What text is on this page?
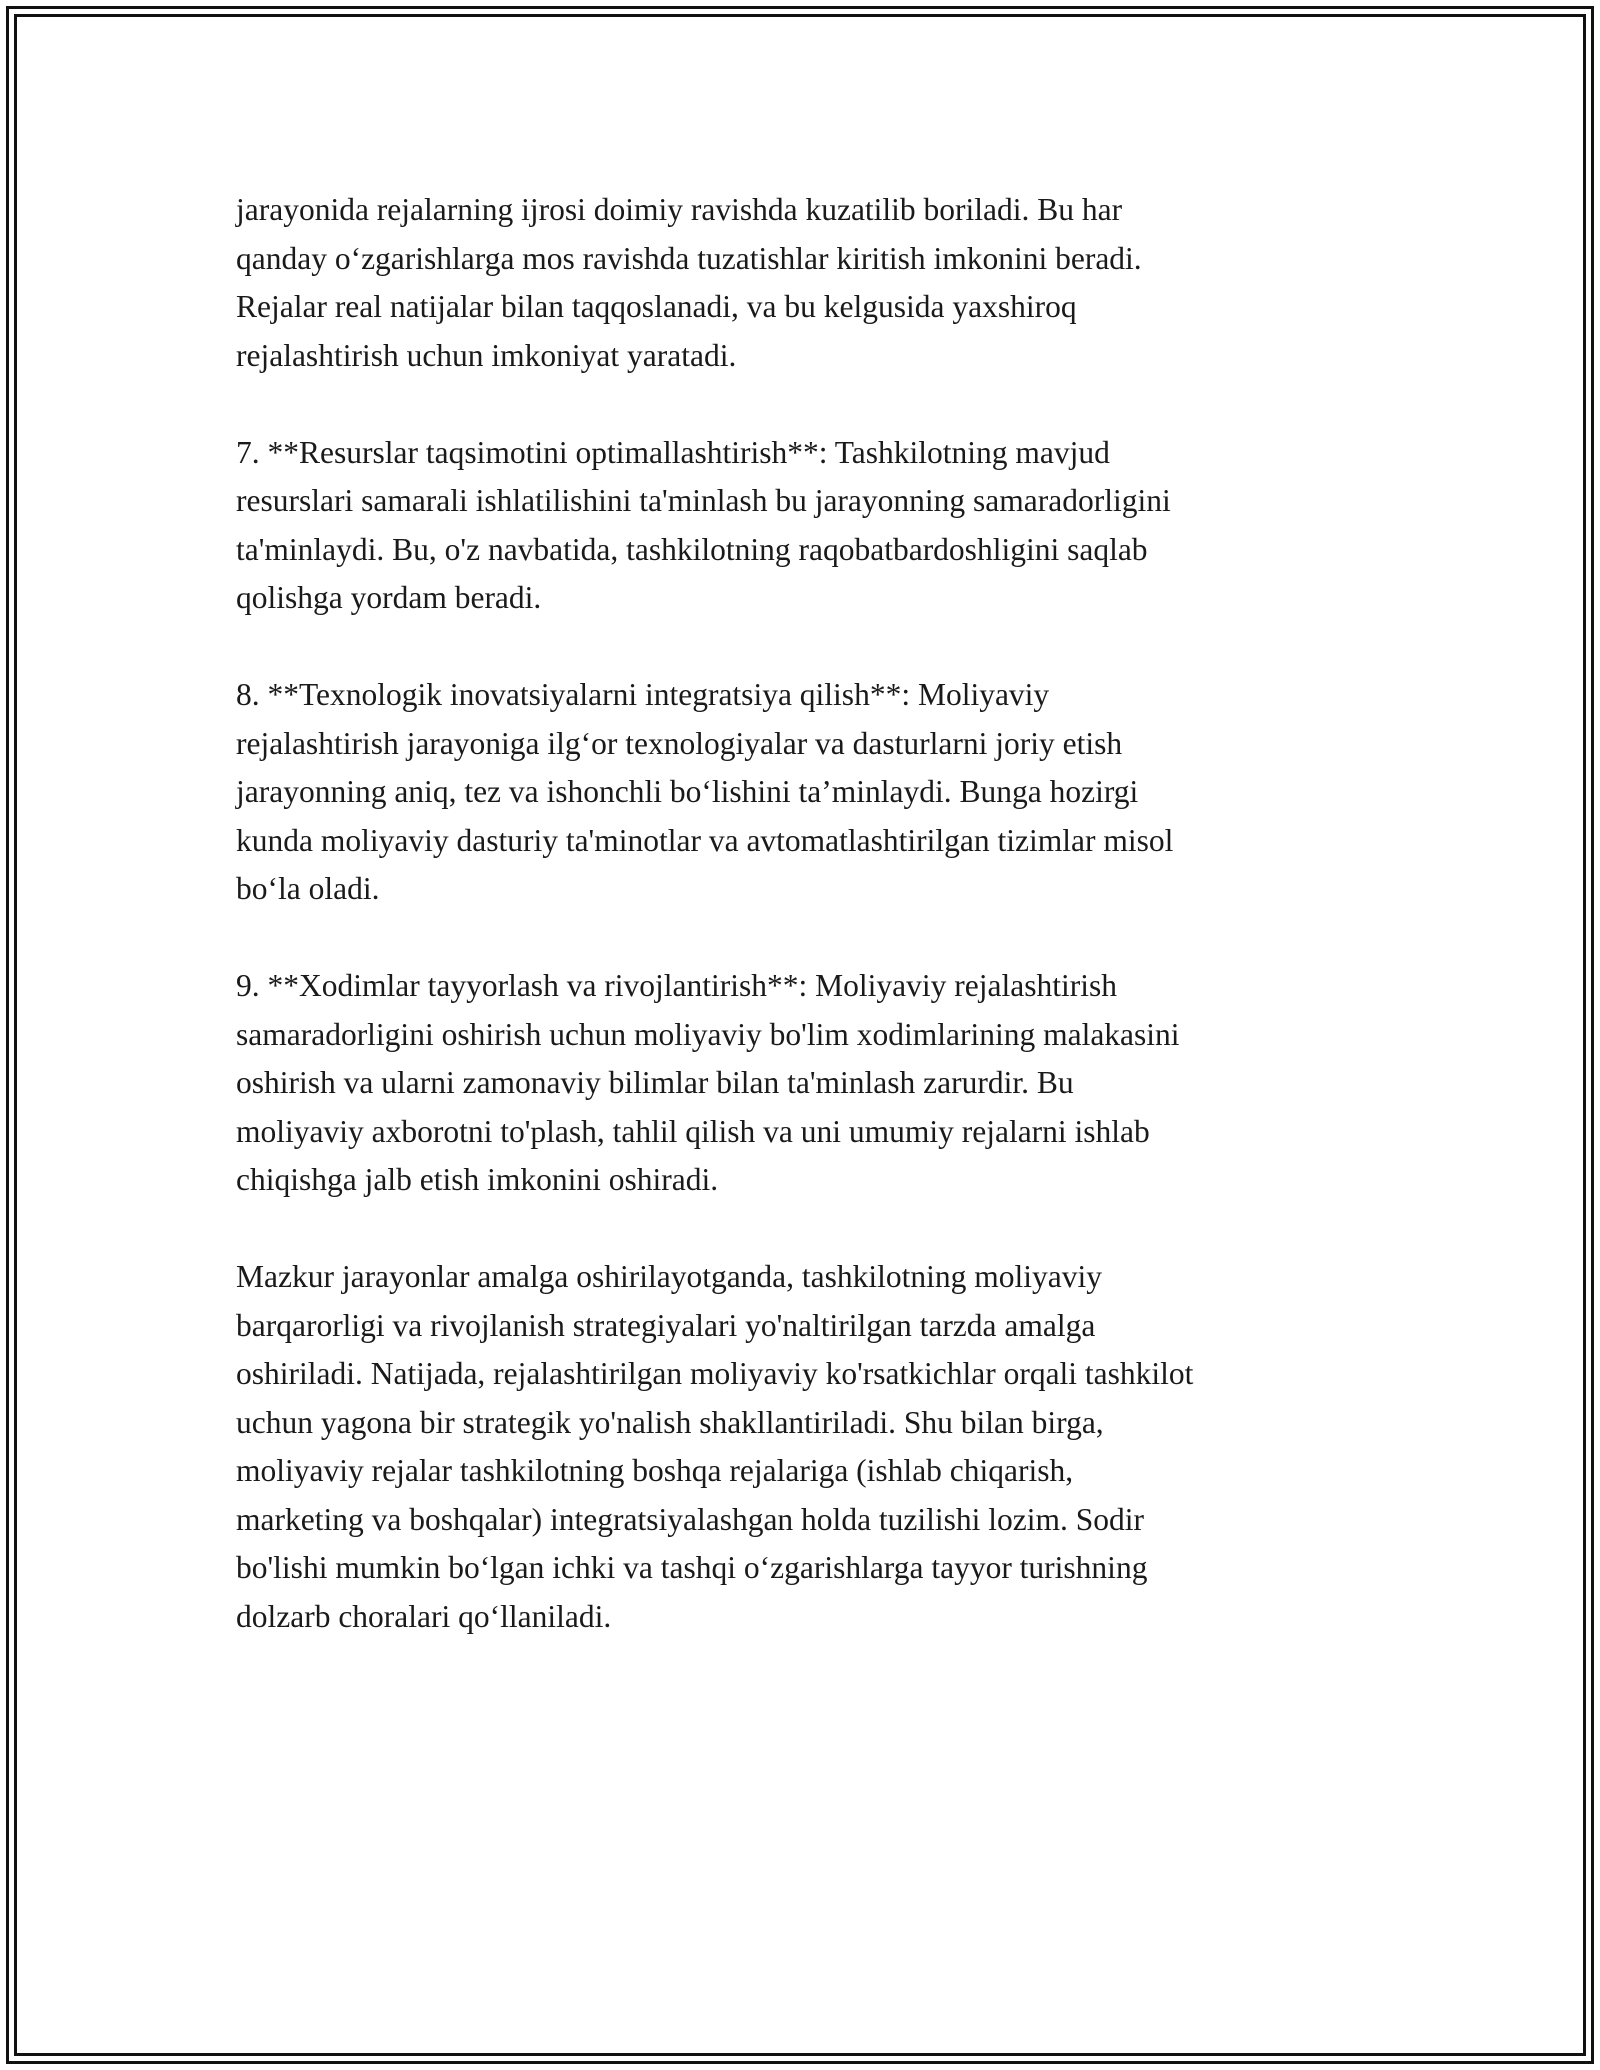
jarayonida rejalarning ijrosi doimiy ravishda kuzatilib boriladi. Bu har
qanday o‘zgarishlarga mos ravishda tuzatishlar kiritish imkonini beradi.
Rejalar real natijalar bilan taqqoslanadi, va bu kelgusida yaxshiroq
rejalashtirish uchun imkoniyat yaratadi.

7. **Resurslar taqsimotini optimallashtirish**: Tashkilotning mavjud
resurslari samarali ishlatilishini ta'minlash bu jarayonning samaradorligini
ta'minlaydi. Bu, o'z navbatida, tashkilotning raqobatbardoshligini saqlab
qolishga yordam beradi.

8. **Texnologik inovatsiyalarni integratsiya qilish**: Moliyaviy
rejalashtirish jarayoniga ilg‘or texnologiyalar va dasturlarni joriy etish
jarayonning aniq, tez va ishonchli bo‘lishini ta’minlaydi. Bunga hozirgi
kunda moliyaviy dasturiy ta'minotlar va avtomatlashtirilgan tizimlar misol
bo‘la oladi.

9. **Xodimlar tayyorlash va rivojlantirish**: Moliyaviy rejalashtirish
samaradorligini oshirish uchun moliyaviy bo'lim xodimlarining malakasini
oshirish va ularni zamonaviy bilimlar bilan ta'minlash zarurdir. Bu
moliyaviy axborotni to'plash, tahlil qilish va uni umumiy rejalarni ishlab
chiqishga jalb etish imkonini oshiradi.

Mazkur jarayonlar amalga oshirilayotganda, tashkilotning moliyaviy
barqarorligi va rivojlanish strategiyalari yo'naltirilgan tarzda amalga
oshiriladi. Natijada, rejalashtirilgan moliyaviy ko'rsatkichlar orqali tashkilot
uchun yagona bir strategik yo'nalish shakllantiriladi. Shu bilan birga,
moliyaviy rejalar tashkilotning boshqa rejalariga (ishlab chiqarish,
marketing va boshqalar) integratsiyalashgan holda tuzilishi lozim. Sodir
bo'lishi mumkin bo‘lgan ichki va tashqi o‘zgarishlarga tayyor turishning
dolzarb choralari qo‘llaniladi.
